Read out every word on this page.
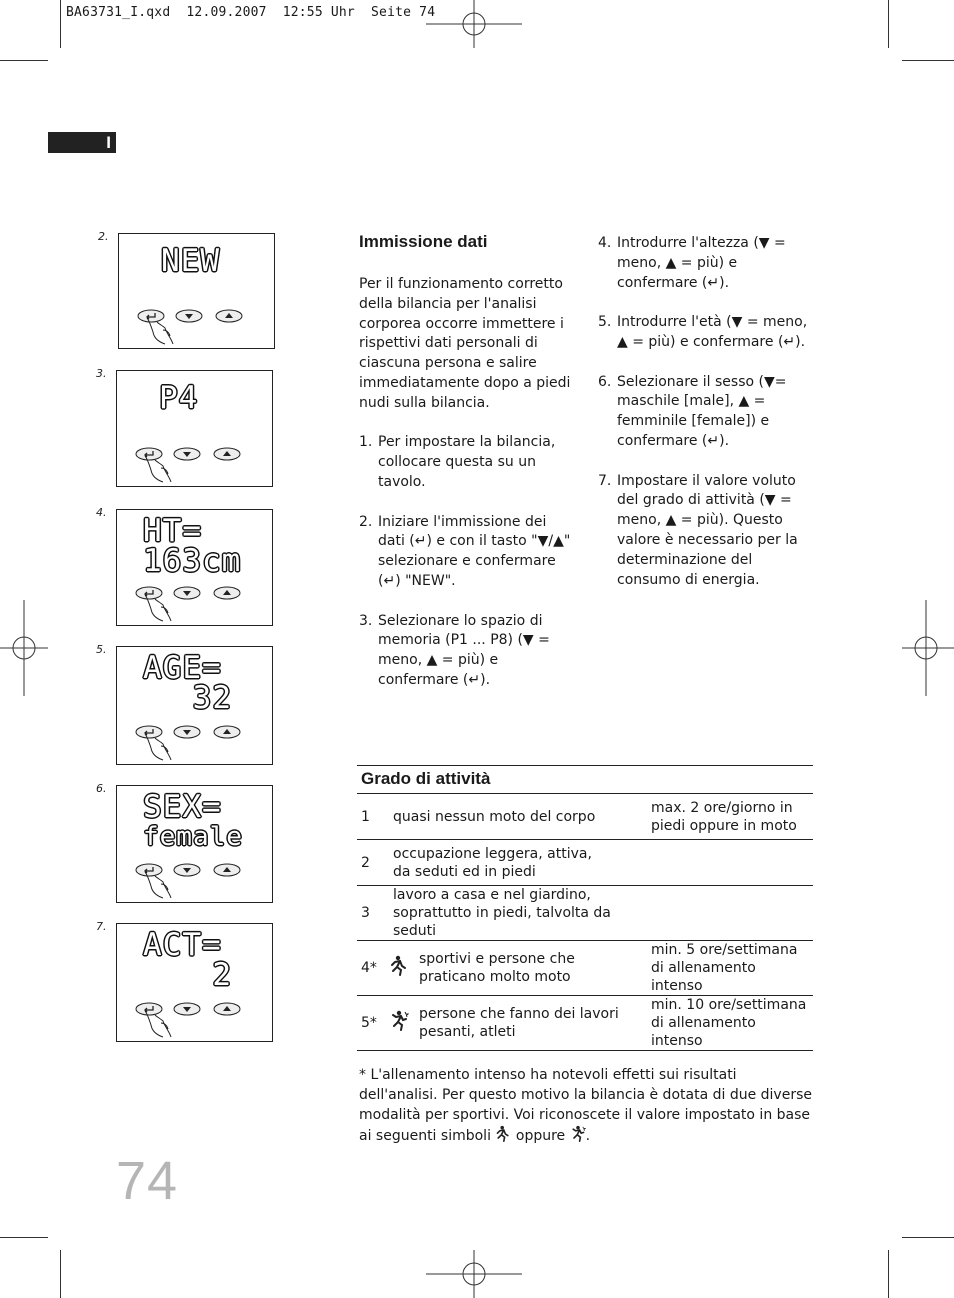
BA63731_I.qxd  12.09.2007  12:55 Uhr  Seite 74
I
2.
NEW
3.
P4
4.
HT=
163cm
5.
AGE=
32
6.
SEX=
female
7.
ACT=
2
Immissione dati

Per il funzionamento corretto della bilancia per l'analisi corporea occorre immettere i rispettivi dati personali di ciascuna persona e salire immediatamente dopo a piedi nudi sulla bilancia.

1. Per impostare la bilancia, collocare questa su un tavolo.
2. Iniziare l'immissione dei dati (↵) e con il tasto "▼/▲" selezionare e confermare (↵) "NEW".
3. Selezionare lo spazio di memoria (P1 ... P8) (▼ = meno, ▲ = più) e confermare (↵).
4. Introdurre l'altezza (▼ = meno, ▲ = più) e confermare (↵).
5. Introdurre l'età (▼ = meno, ▲ = più) e confermare (↵).
6. Selezionare il sesso (▼= maschile [male], ▲ = femminile [female]) e confermare (↵).
7. Impostare il valore voluto del grado di attività (▼ = meno, ▲ = più). Questo valore è necessario per la determinazione del consumo di energia.
Grado di attività			
1	quasi nessun moto del corpo		max. 2 ore/giorno in piedi oppure in moto
2	occupazione leggera, attiva, da seduti ed in piedi		
3	lavoro a casa e nel giardino, soprattutto in piedi, talvolta da seduti		
4*		sportivi e persone che praticano molto moto	min. 5 ore/settimana di allenamento intenso
5*		persone che fanno dei lavori pesanti, atleti	min. 10 ore/settimana di allenamento intenso
* L'allenamento intenso ha notevoli effetti sui risultati dell'analisi. Per questo motivo la bilancia è dotata di due diverse modalità per sportivi. Voi riconoscete il valore impostato in base ai seguenti simboli oppure .
74
